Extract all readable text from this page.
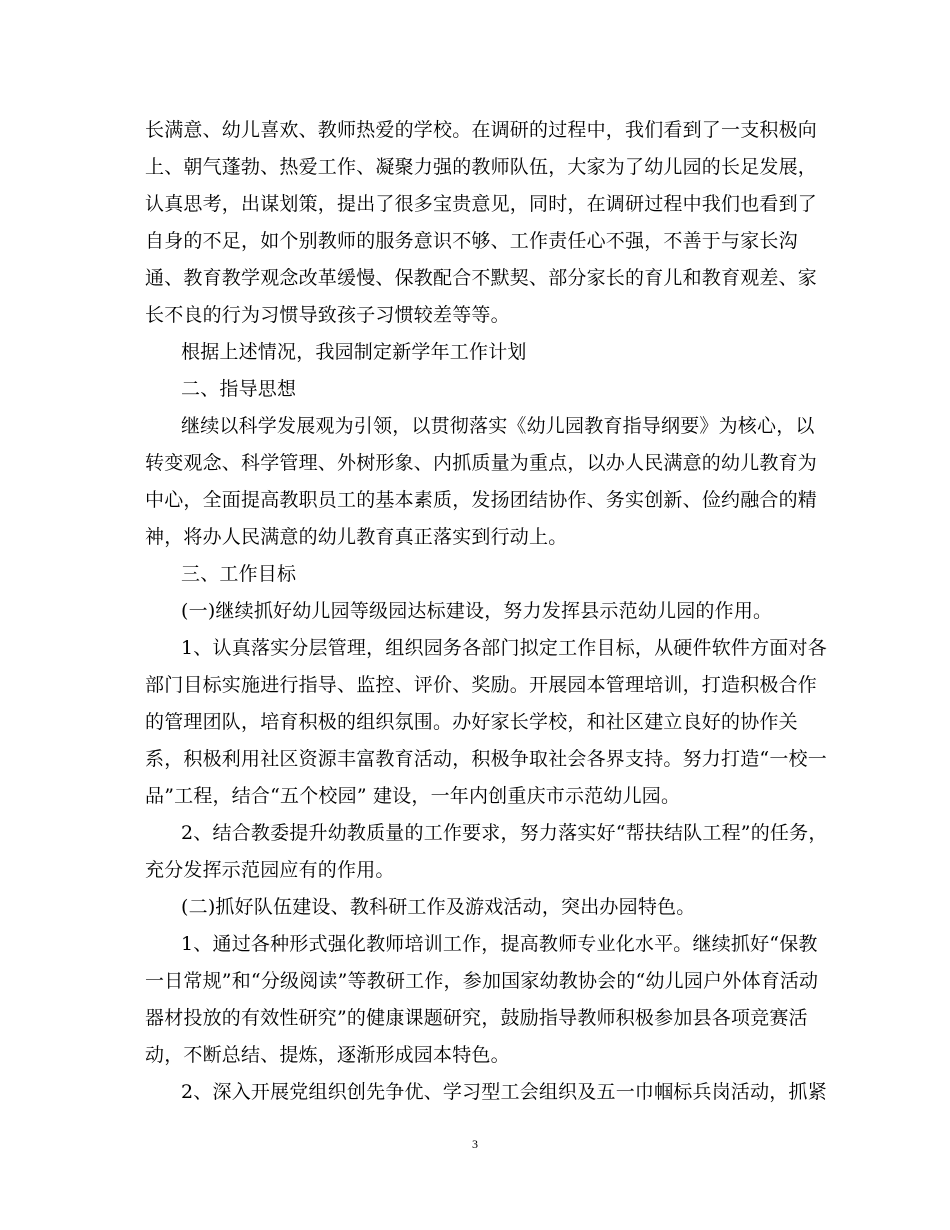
长满意、幼儿喜欢、教师热爱的学校。在调研的过程中，我们看到了一支积极向
上、朝气蓬勃、热爱工作、凝聚力强的教师队伍，大家为了幼儿园的长足发展，
认真思考，出谋划策，提出了很多宝贵意见，同时，在调研过程中我们也看到了
自身的不足，如个别教师的服务意识不够、工作责任心不强，不善于与家长沟
通、教育教学观念改革缓慢、保教配合不默契、部分家长的育儿和教育观差、家
长不良的行为习惯导致孩子习惯较差等等。
根据上述情况，我园制定新学年工作计划
二、指导思想
继续以科学发展观为引领，以贯彻落实《幼儿园教育指导纲要》为核心，以
转变观念、科学管理、外树形象、内抓质量为重点，以办人民满意的幼儿教育为
中心，全面提高教职员工的基本素质，发扬团结协作、务实创新、俭约融合的精
神，将办人民满意的幼儿教育真正落实到行动上。
三、工作目标
(一)继续抓好幼儿园等级园达标建设，努力发挥县示范幼儿园的作用。
1、认真落实分层管理，组织园务各部门拟定工作目标，从硬件软件方面对各
部门目标实施进行指导、监控、评价、奖励。开展园本管理培训，打造积极合作
的管理团队，培育积极的组织氛围。办好家长学校，和社区建立良好的协作关
系，积极利用社区资源丰富教育活动，积极争取社会各界支持。努力打造“一校一
品”工程，结合“五个校园” 建设，一年内创重庆市示范幼儿园。
2、结合教委提升幼教质量的工作要求，努力落实好“帮扶结队工程”的任务，
充分发挥示范园应有的作用。
(二)抓好队伍建设、教科研工作及游戏活动，突出办园特色。
1、通过各种形式强化教师培训工作，提高教师专业化水平。继续抓好“保教
一日常规”和“分级阅读”等教研工作，参加国家幼教协会的“幼儿园户外体育活动
器材投放的有效性研究”的健康课题研究，鼓励指导教师积极参加县各项竞赛活
动，不断总结、提炼，逐渐形成园本特色。
2、深入开展党组织创先争优、学习型工会组织及五一巾帼标兵岗活动，抓紧
3
